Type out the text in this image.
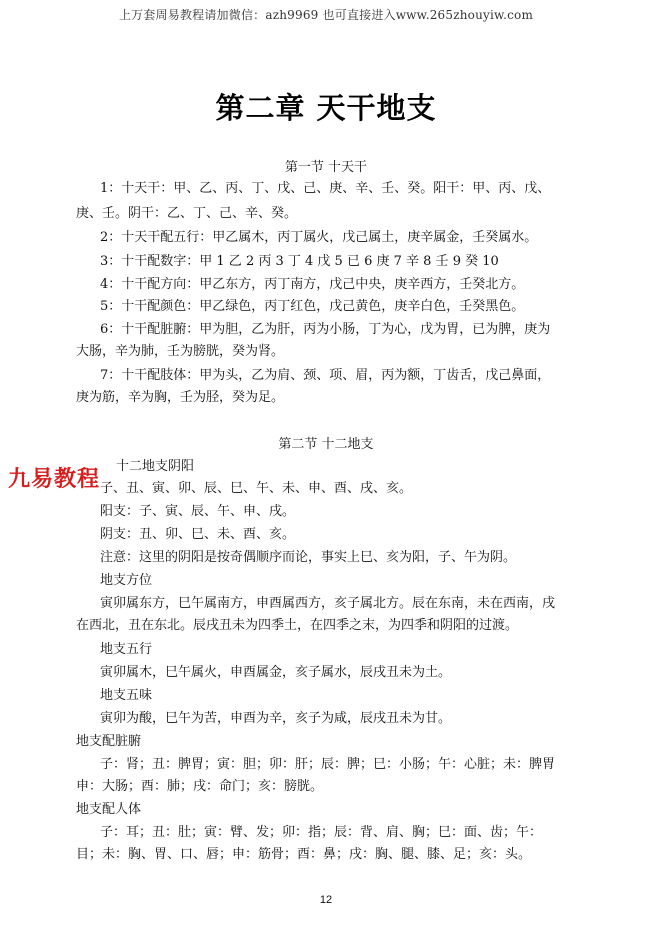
上万套周易教程请加微信：azh9969 也可直接进入www.265zhouyiw.com
第二章 天干地支
第一节 十天干
1：十天干：甲、乙、丙、丁、戊、己、庚、辛、壬、癸。阳干：甲、丙、戊、
庚、壬。阴干：乙、丁、己、辛、癸。
2：十天干配五行：甲乙属木，丙丁属火，戊己属土，庚辛属金，壬癸属水。
3：十干配数字：甲 1 乙 2 丙 3 丁 4 戊 5 已 6 庚 7 辛 8 壬 9 癸 10
4：十干配方向：甲乙东方，丙丁南方，戊己中央，庚辛西方，壬癸北方。
5：十干配颜色：甲乙绿色，丙丁红色，戊己黄色，庚辛白色，壬癸黑色。
6：十干配脏腑：甲为胆，乙为肝，丙为小肠，丁为心，戊为胃，已为脾，庚为
大肠，辛为肺，壬为膀胱，癸为肾。
7：十干配肢体：甲为头，乙为肩、颈、项、眉，丙为额，丁齿舌，戊己鼻面，
庚为筋，辛为胸，壬为胫，癸为足。
第二节 十二地支
十二地支阴阳
子、丑、寅、卯、辰、巳、午、未、申、酉、戌、亥。
阳支：子、寅、辰、午、申、戌。
阴支：丑、卯、巳、未、酉、亥。
注意：这里的阴阳是按奇偶顺序而论，事实上巳、亥为阳，子、午为阴。
地支方位
寅卯属东方，巳午属南方，申酉属西方，亥子属北方。辰在东南，未在西南，戌
在西北，丑在东北。辰戌丑未为四季土，在四季之末，为四季和阴阳的过渡。
地支五行
寅卯属木，巳午属火，申酉属金，亥子属水，辰戌丑未为土。
地支五味
寅卯为酸，巳午为苦，申酉为辛，亥子为咸，辰戌丑未为甘。
地支配脏腑
子：肾；丑：脾胃；寅：胆；卯：肝；辰：脾；巳：小肠；午：心脏；未：脾胃
申：大肠；酉：肺；戌：命门；亥：膀胱。
地支配人体
子：耳；丑：肚；寅：臂、发；卯：指；辰：背、肩、胸；巳：面、齿；午：
目；未：胸、胃、口、唇；申：筋骨；酉：鼻；戌：胸、腿、膝、足；亥：头。
九易教程
12
